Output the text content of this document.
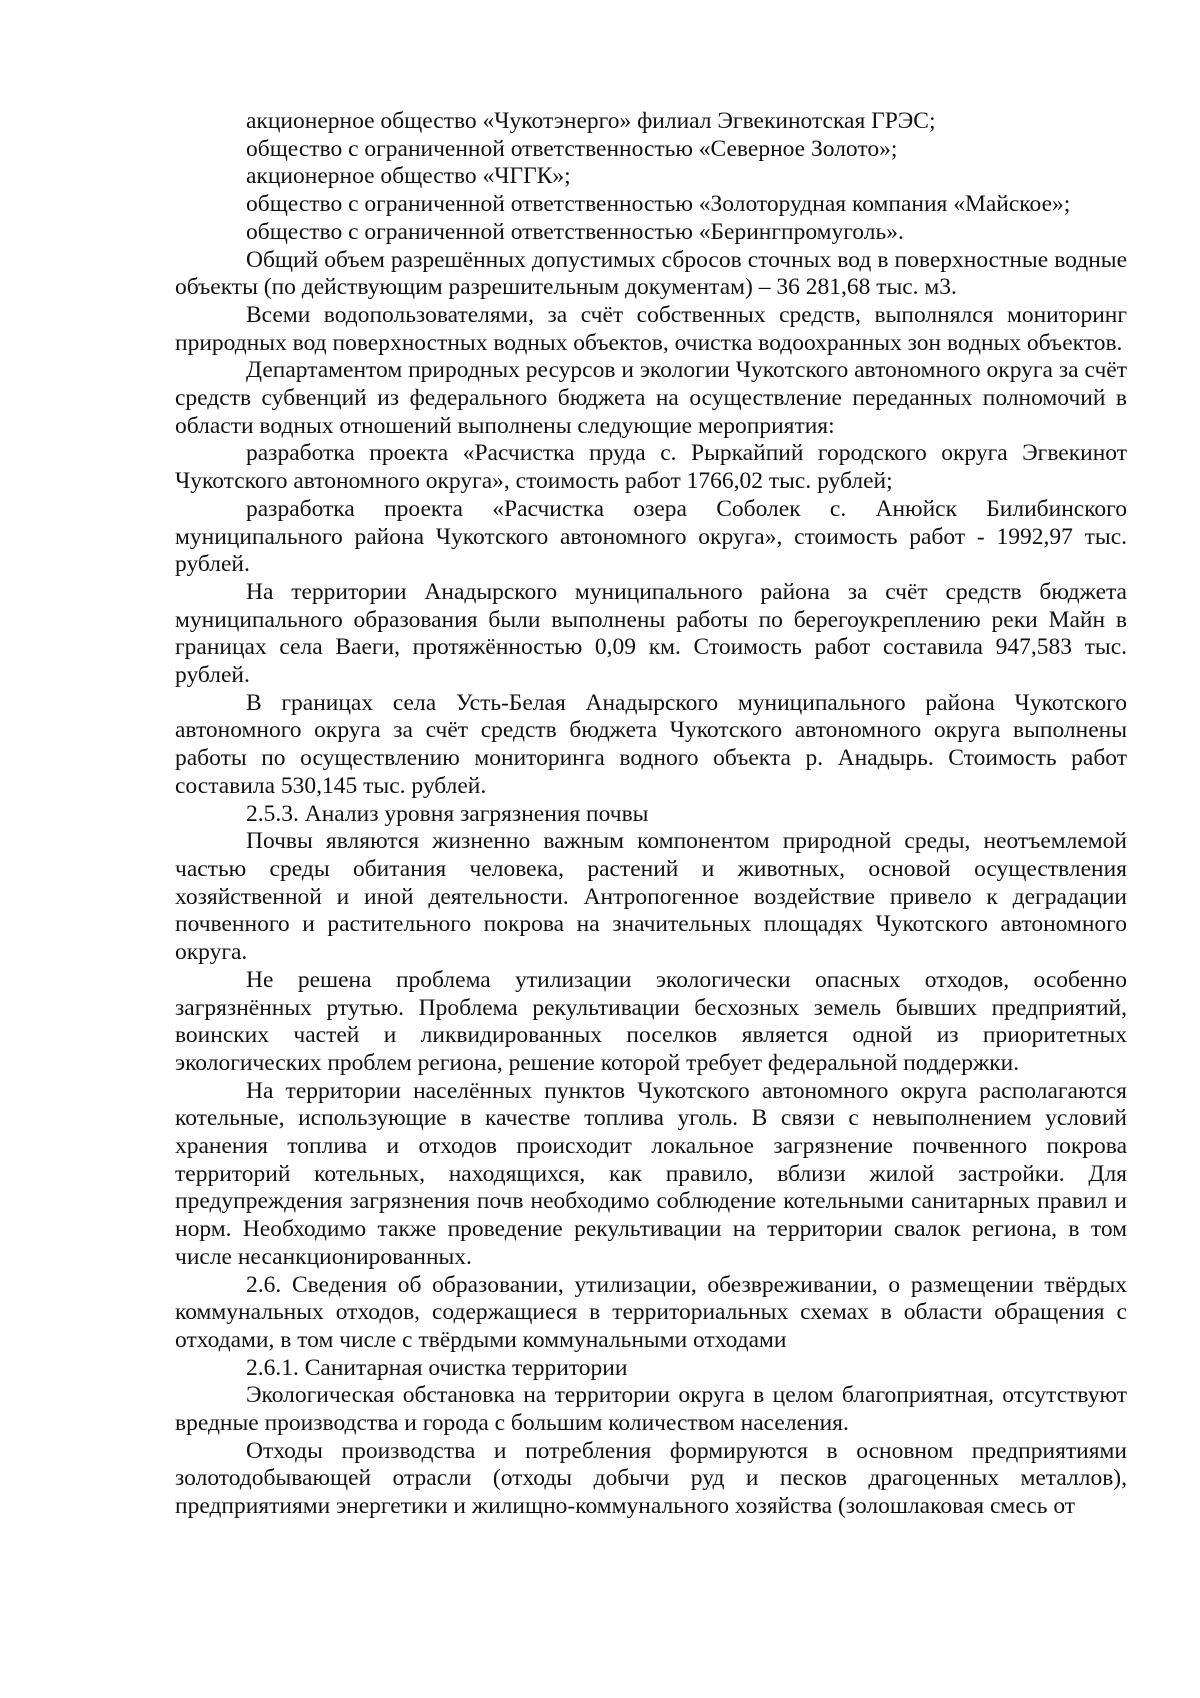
акционерное общество «Чукотэнерго» филиал Эгвекинотская ГРЭС;

общество с ограниченной ответственностью «Северное Золото»;

акционерное общество «ЧГГК»;

общество с ограниченной ответственностью «Золоторудная компания «Майское»;

общество с ограниченной ответственностью «Берингпромуголь».

Общий объем разрешённых допустимых сбросов сточных вод в поверхностные водные объекты (по действующим разрешительным документам) – 36 281,68 тыс. м3.

Всеми водопользователями, за счёт собственных средств, выполнялся мониторинг природных вод поверхностных водных объектов, очистка водоохранных зон водных объектов.

Департаментом природных ресурсов и экологии Чукотского автономного округа за счёт средств субвенций из федерального бюджета на осуществление переданных полномочий в области водных отношений выполнены следующие мероприятия:

разработка проекта «Расчистка пруда с. Рыркайпий городского округа Эгвекинот Чукотского автономного округа», стоимость работ 1766,02 тыс. рублей;

разработка проекта «Расчистка озера Соболек с. Анюйск Билибинского муниципального района Чукотского автономного округа», стоимость работ - 1992,97 тыс. рублей.

На территории Анадырского муниципального района за счёт средств бюджета муниципального образования были выполнены работы по берегоукреплению реки Майн в границах села Ваеги, протяжённостью 0,09 км. Стоимость работ составила 947,583 тыс. рублей.

В границах села Усть-Белая Анадырского муниципального района Чукотского автономного округа за счёт средств бюджета Чукотского автономного округа выполнены работы по осуществлению мониторинга водного объекта р. Анадырь. Стоимость работ составила 530,145 тыс. рублей.

2.5.3. Анализ уровня загрязнения почвы

Почвы являются жизненно важным компонентом природной среды, неотъемлемой частью среды обитания человека, растений и животных, основой осуществления хозяйственной и иной деятельности. Антропогенное воздействие привело к деградации почвенного и растительного покрова на значительных площадях Чукотского автономного округа.

Не решена проблема утилизации экологически опасных отходов, особенно загрязнённых ртутью. Проблема рекультивации бесхозных земель бывших предприятий, воинских частей и ликвидированных поселков является одной из приоритетных экологических проблем региона, решение которой требует федеральной поддержки.

На территории населённых пунктов Чукотского автономного округа располагаются котельные, использующие в качестве топлива уголь. В связи с невыполнением условий хранения топлива и отходов происходит локальное загрязнение почвенного покрова территорий котельных, находящихся, как правило, вблизи жилой застройки. Для предупреждения загрязнения почв необходимо соблюдение котельными санитарных правил и норм. Необходимо также проведение рекультивации на территории свалок региона, в том числе несанкционированных.

2.6. Сведения об образовании, утилизации, обезвреживании, о размещении твёрдых коммунальных отходов, содержащиеся в территориальных схемах в области обращения с отходами, в том числе с твёрдыми коммунальными отходами

2.6.1. Санитарная очистка территории

Экологическая обстановка на территории округа в целом благоприятная, отсутствуют вредные производства и города с большим количеством населения.

Отходы производства и потребления формируются в основном предприятиями золотодобывающей отрасли (отходы добычи руд и песков драгоценных металлов), предприятиями энергетики и жилищно-коммунального хозяйства (золошлаковая смесь от
